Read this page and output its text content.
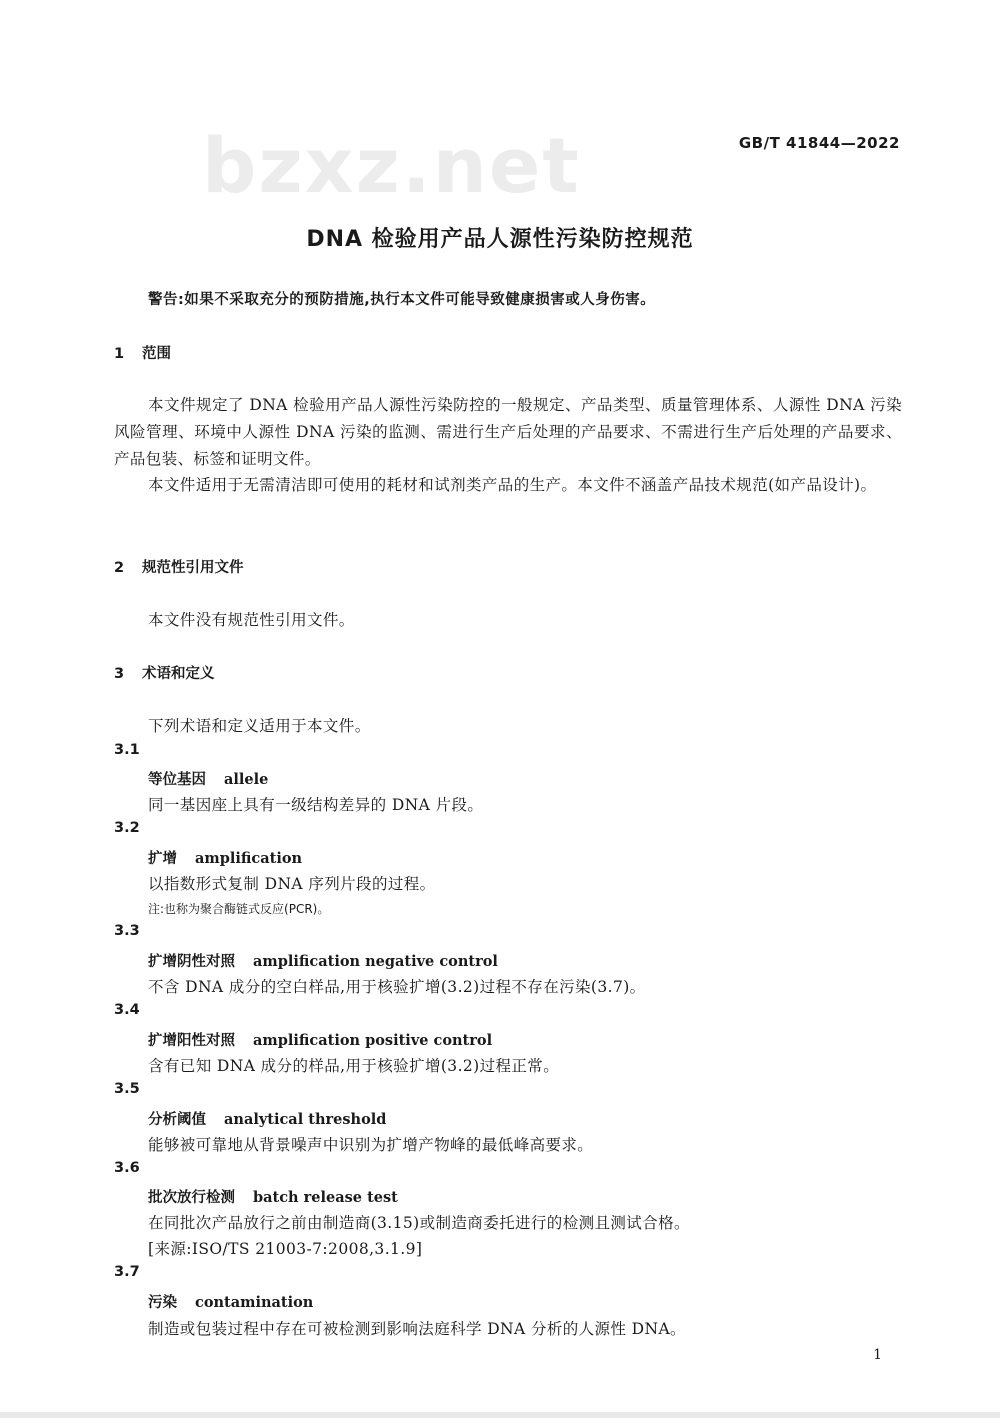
GB/T 41844—2022
bzxz.net
DNA 检验用产品人源性污染防控规范
警告:如果不采取充分的预防措施,执行本文件可能导致健康损害或人身伤害。
1 范围
本文件规定了 DNA 检验用产品人源性污染防控的一般规定、产品类型、质量管理体系、人源性 DNA 污染风险管理、环境中人源性 DNA 污染的监测、需进行生产后处理的产品要求、不需进行生产后处理的产品要求、产品包装、标签和证明文件。
本文件适用于无需清洁即可使用的耗材和试剂类产品的生产。本文件不涵盖产品技术规范(如产品设计)。
2 规范性引用文件
本文件没有规范性引用文件。
3 术语和定义
下列术语和定义适用于本文件。
3.1
等位基因 allele
同一基因座上具有一级结构差异的 DNA 片段。
3.2
扩增 amplification
以指数形式复制 DNA 序列片段的过程。
注:也称为聚合酶链式反应(PCR)。
3.3
扩增阴性对照 amplification negative control
不含 DNA 成分的空白样品,用于核验扩增(3.2)过程不存在污染(3.7)。
3.4
扩增阳性对照 amplification positive control
含有已知 DNA 成分的样品,用于核验扩增(3.2)过程正常。
3.5
分析阈值 analytical threshold
能够被可靠地从背景噪声中识别为扩增产物峰的最低峰高要求。
3.6
批次放行检测 batch release test
在同批次产品放行之前由制造商(3.15)或制造商委托进行的检测且测试合格。
[来源:ISO/TS 21003-7:2008,3.1.9]
3.7
污染 contamination
制造或包装过程中存在可被检测到影响法庭科学 DNA 分析的人源性 DNA。
1
